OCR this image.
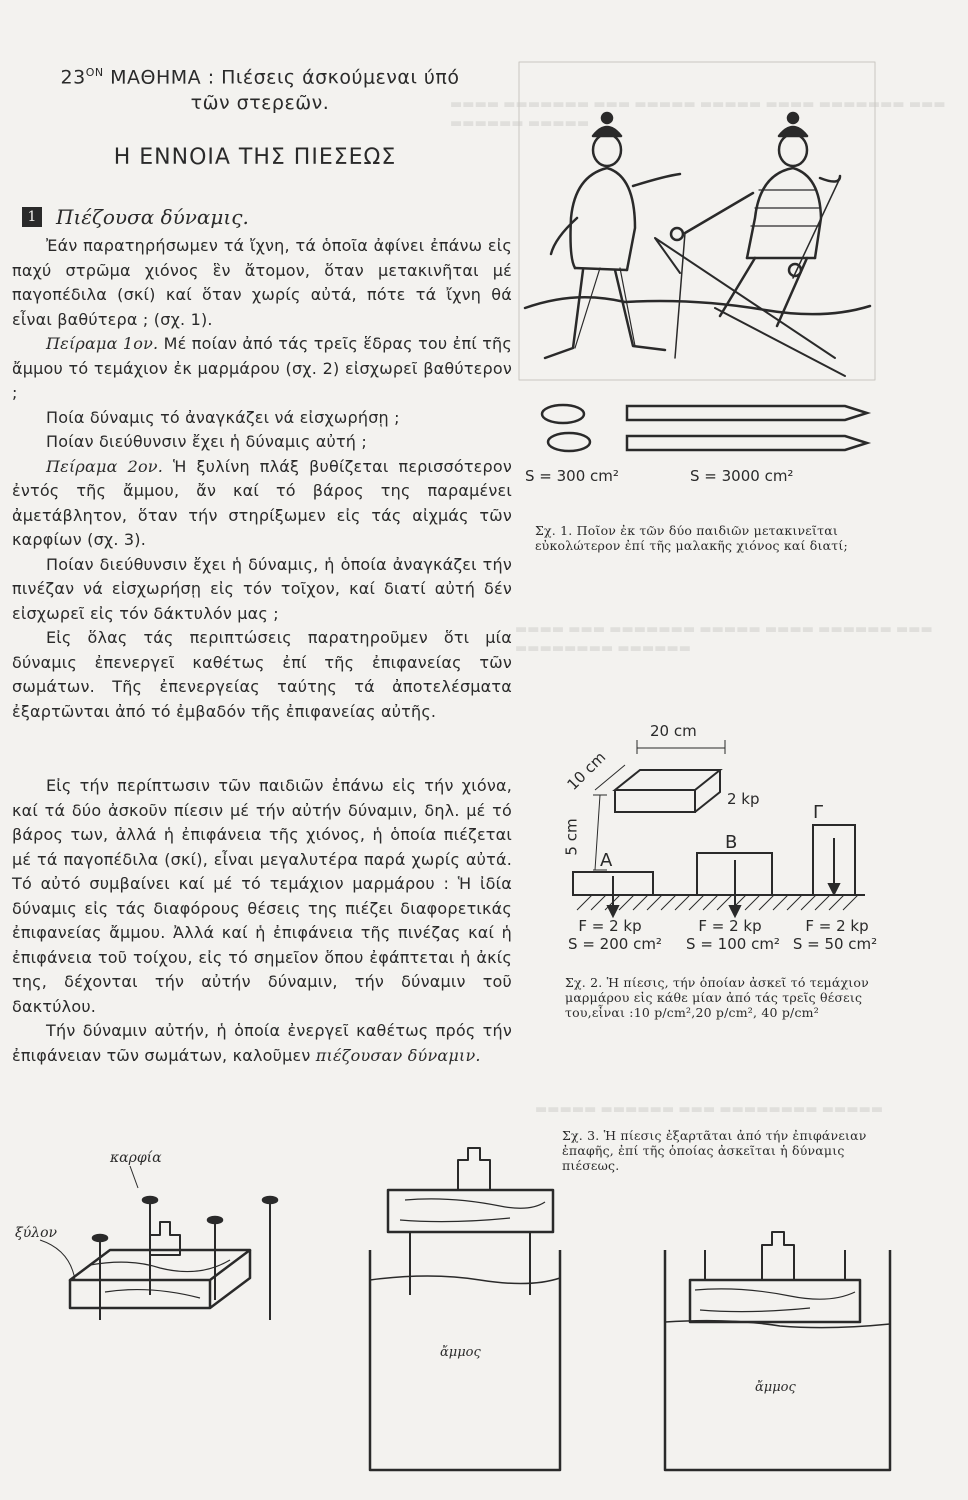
▬▬▬▬ ▬▬▬▬▬▬▬ ▬▬▬ ▬▬▬▬▬ ▬▬▬▬▬ ▬▬▬▬ ▬▬▬▬▬▬▬ ▬▬▬ ▬▬▬▬▬▬ ▬▬▬▬▬
▬▬▬▬ ▬▬▬ ▬▬▬▬▬▬▬ ▬▬▬▬▬ ▬▬▬▬ ▬▬▬▬▬▬ ▬▬▬ ▬▬▬▬▬▬▬▬ ▬▬▬▬▬▬
▬▬▬▬▬ ▬▬▬▬▬▬ ▬▬▬ ▬▬▬▬▬▬▬▬ ▬▬▬▬▬
$23^{ON}$ ΜΑΘΗΜΑ : Πιέσεις άσκούμεναι ύπό
τῶν στερεῶν.
Η ΕΝΝΟΙΑ ΤΗΣ ΠΙΕΣΕΩΣ
1 Πιέζουσα δύναμις.

Ἐάν παρατηρήσωμεν τά ἴχνη, τά ὁποῖα ἀφίνει ἐπάνω εἰς παχύ στρῶμα χιόνος ἓν ἄτομον, ὅταν μετακινῆται μέ παγοπέδιλα (σκί) καί ὅταν χωρίς αὐτά, πότε τά ἴχνη θά εἶναι βαθύτερα ; (σχ. 1).

Πείραμα 1ον. Μέ ποίαν ἀπό τάς τρεῖς ἕδρας του ἐπί τῆς ἄμμου τό τεμάχιον ἐκ μαρμάρου (σχ. 2) εἰσχωρεῖ βαθύτερον ;

Ποία δύναμις τό ἀναγκάζει νά εἰσχωρήσῃ ;

Ποίαν διεύθυνσιν ἔχει ἡ δύναμις αὐτή ;

Πείραμα 2ον. Ἡ ξυλίνη πλάξ βυθίζεται περισσότερον ἐντός τῆς ἄμμου, ἄν καί τό βάρος της παραμένει ἀμετάβλητον, ὅταν τήν στηρίξωμεν εἰς τάς αἰχμάς τῶν καρφίων (σχ. 3).

Ποίαν διεύθυνσιν ἔχει ἡ δύναμις, ἡ ὁποία ἀναγκάζει τήν πινέζαν νά εἰσχωρήσῃ εἰς τόν τοῖχον, καί διατί αὐτή δέν εἰσχωρεῖ εἰς τόν δάκτυλόν μας ;

Εἰς ὅλας τάς περιπτώσεις παρατηροῦμεν ὅτι μία δύναμις ἐπενεργεῖ καθέτως ἐπί τῆς ἐπιφανείας τῶν σωμάτων. Τῆς ἐπενεργείας ταύτης τά ἀποτελέσματα ἐξαρτῶνται ἀπό τό ἐμβαδόν τῆς ἐπιφανείας αὐτῆς.

Εἰς τήν περίπτωσιν τῶν παιδιῶν ἐπάνω εἰς τήν χιόνα, καί τά δύο ἀσκοῦν πίεσιν μέ τήν αὐτήν δύναμιν, δηλ. μέ τό βάρος των, ἀλλά ἡ ἐπιφάνεια τῆς χιόνος, ἡ ὁποία πιέζεται μέ τά παγοπέδιλα (σκί), εἶναι μεγαλυτέρα παρά χωρίς αὐτά. Τό αὐτό συμβαίνει καί μέ τό τεμάχιον μαρμάρου : Ἡ ἰδία δύναμις εἰς τάς διαφόρους θέσεις της πιέζει διαφορετικάς ἐπιφανείας ἄμμου. Ἀλλά καί ἡ ἐπιφάνεια τῆς πινέζας καί ἡ ἐπιφάνεια τοῦ τοίχου, εἰς τό σημεῖον ὅπου ἐφάπτεται ἡ ἀκίς της, δέχονται τήν αὐτήν δύναμιν, τήν δύναμιν τοῦ δακτύλου.

Τήν δύναμιν αὐτήν, ἡ ὁποία ἐνεργεῖ καθέτως πρός τήν ἐπιφάνειαν τῶν σωμάτων, καλοῦμεν πιέζουσαν δύναμιν.

S = 300 cm²	S = 3000 cm²
Σχ. 1. Ποῖον ἐκ τῶν δύο παιδιῶν μετακινεῖται εὐκολώτερον ἐπί τῆς μαλακῆς χιόνος καί διατί;
20 cm
10 cm
5 cm
2 kp
A
B
Γ
F = 2 kp	F = 2 kp	F = 2 kp
S = 200 cm²	S = 100 cm² S = 50 cm²
Σχ. 2. Ἡ πίεσις, τήν ὁποίαν ἀσκεῖ τό τεμάχιον μαρμάρου εἰς κάθε μίαν ἀπό τάς τρεῖς θέσεις του,εἶναι :10 p/cm²,20 p/cm², 40 p/cm²
Σχ. 3. Ἡ πίεσις ἐξαρτᾶται ἀπό τήν ἐπιφάνειαν ἐπαφῆς, ἐπί τῆς ὁποίας ἀσκεῖται ἡ δύναμις πιέσεως.
καρφία
ξύλον
ἄμμος
ἄμμος
